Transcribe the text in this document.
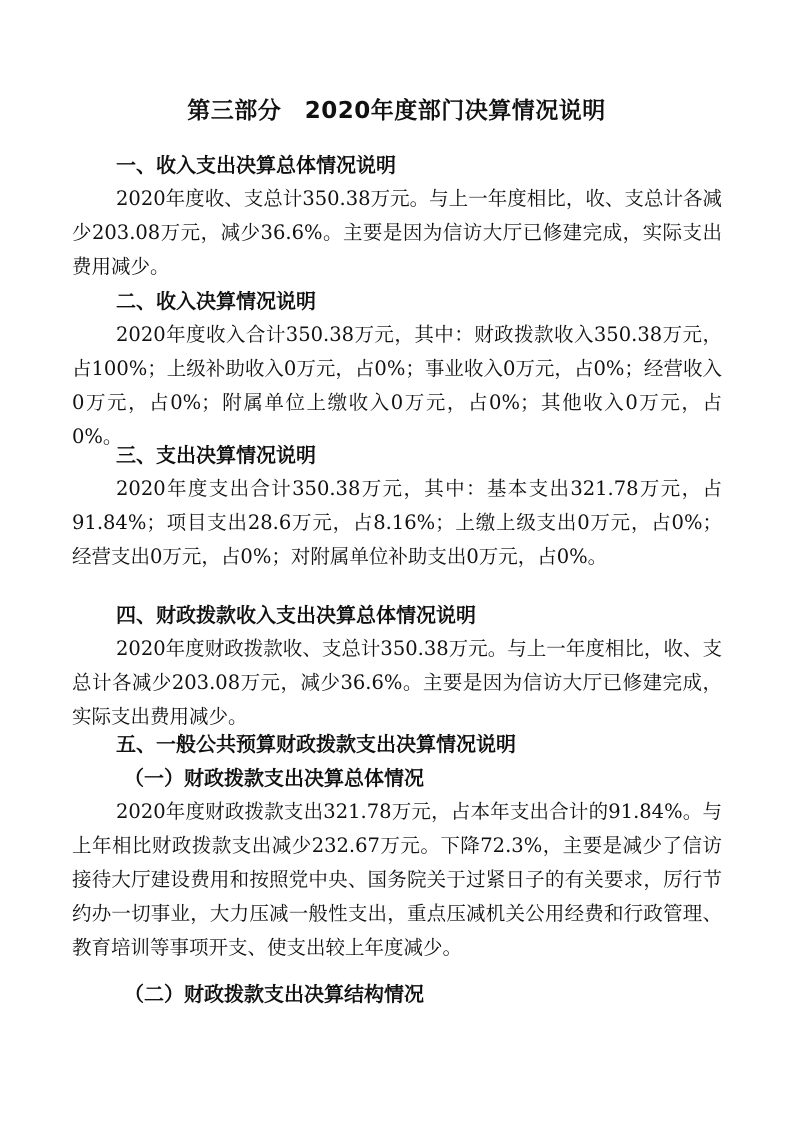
第三部分　2020年度部门决算情况说明
一、收入支出决算总体情况说明

2020年度收、支总计350.38万元。与上一年度相比，收、支总计各减少203.08万元，减少36.6%。主要是因为信访大厅已修建完成，实际支出费用减少。

二、收入决算情况说明

2020年度收入合计350.38万元，其中：财政拨款收入350.38万元，占100%；上级补助收入0万元，占0%；事业收入0万元，占0%；经营收入0万元，占0%；附属单位上缴收入0万元，占0%；其他收入0万元，占0%。

三、支出决算情况说明

2020年度支出合计350.38万元，其中：基本支出321.78万元，占91.84%；项目支出28.6万元，占8.16%；上缴上级支出0万元，占0%；经营支出0万元，占0%；对附属单位补助支出0万元，占0%。

四、财政拨款收入支出决算总体情况说明

2020年度财政拨款收、支总计350.38万元。与上一年度相比，收、支总计各减少203.08万元，减少36.6%。主要是因为信访大厅已修建完成，实际支出费用减少。

五、一般公共预算财政拨款支出决算情况说明
（一）财政拨款支出决算总体情况

2020年度财政拨款支出321.78万元，占本年支出合计的91.84%。与上年相比财政拨款支出减少232.67万元。下降72.3%，主要是减少了信访接待大厅建设费用和按照党中央、国务院关于过紧日子的有关要求，厉行节约办一切事业，大力压减一般性支出，重点压减机关公用经费和行政管理、教育培训等事项开支、使支出较上年度减少。

（二）财政拨款支出决算结构情况
